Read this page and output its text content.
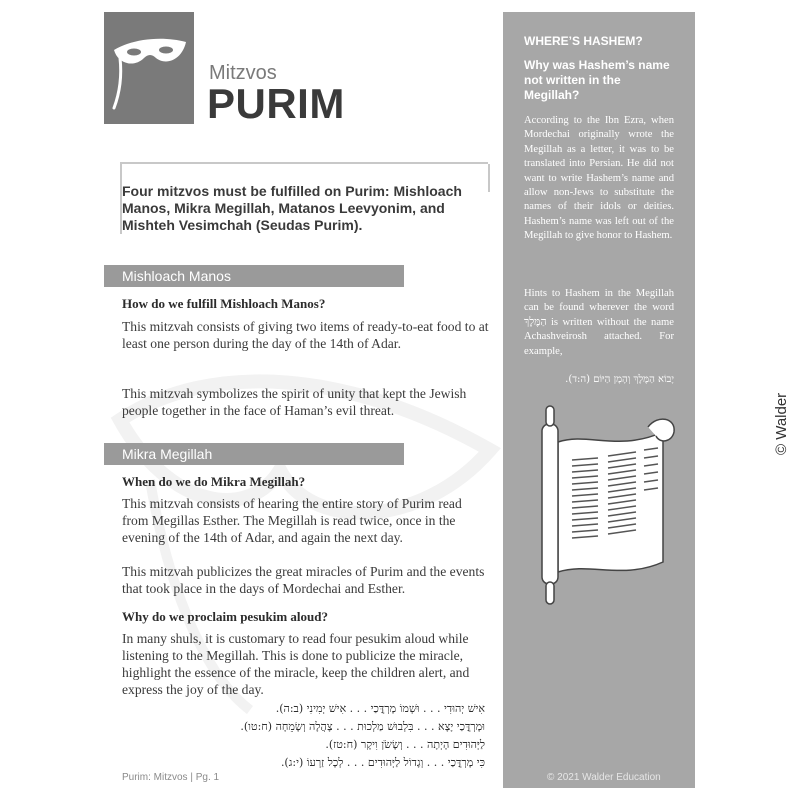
Mitzvos
PURIM
Four mitzvos must be fulfilled on Purim: Mishloach Manos, Mikra Megillah, Matanos Leevyonim, and Mishteh Vesimchah (Seudas Purim).
Mishloach Manos
How do we fulfill Mishloach Manos?
This mitzvah consists of giving two items of ready-to-eat food to at least one person during the day of the 14th of Adar.
This mitzvah symbolizes the spirit of unity that kept the Jewish people together in the face of Haman’s evil threat.
Mikra Megillah
When do we do Mikra Megillah?
This mitzvah consists of hearing the entire story of Purim read from Megillas Esther. The Megillah is read twice, once in the evening of the 14th of Adar, and again the next day.
This mitzvah publicizes the great miracles of Purim and the events that took place in the days of Mordechai and Esther.
Why do we proclaim pesukim aloud?
In many shuls, it is customary to read four pesukim aloud while listening to the Megillah. This is done to publicize the miracle, highlight the essence of the miracle, keep the children alert, and express the joy of the day.
אִישׁ יְהוּדִי . . . וּשְׁמוֹ מָרְדֳּכַי . . . אִישׁ יְמִינִי (ב:ה).
וּמָרְדֳּכַי יָצָא . . . בִּלְבוּשׁ מַלְכוּת . . . צָהֲלָה וְשָׂמֵחָה (ח:טו).
לַיְּהוּדִים הָיְתָה . . . וְשָׂשֹׂן וִיקָר (ח:טז).
כִּי מָרְדֳּכַי . . . וְגָדוֹל לַיְּהוּדִים . . . לְכָל זַרְעוֹ (י:ג).
Purim: Mitzvos | Pg. 1
WHERE’S HASHEM?
Why was Hashem’s name not written in the Megillah?
According to the Ibn Ezra, when Mordechai originally wrote the Megillah as a letter, it was to be translated into Persian. He did not want to write Hashem’s name and allow non-Jews to substitute the names of their idols or deities. Hashem’s name was left out of the Megillah to give honor to Hashem.
Hints to Hashem in the Megillah can be found wherever the word הַמֶּלֶךְ is written without the name Achashveirosh attached. For example,
יָבוֹא הַמֶּלֶךְ וְהָמָן הַיּוֹם (ה:ד).
© 2021 Walder Education
© Walder
